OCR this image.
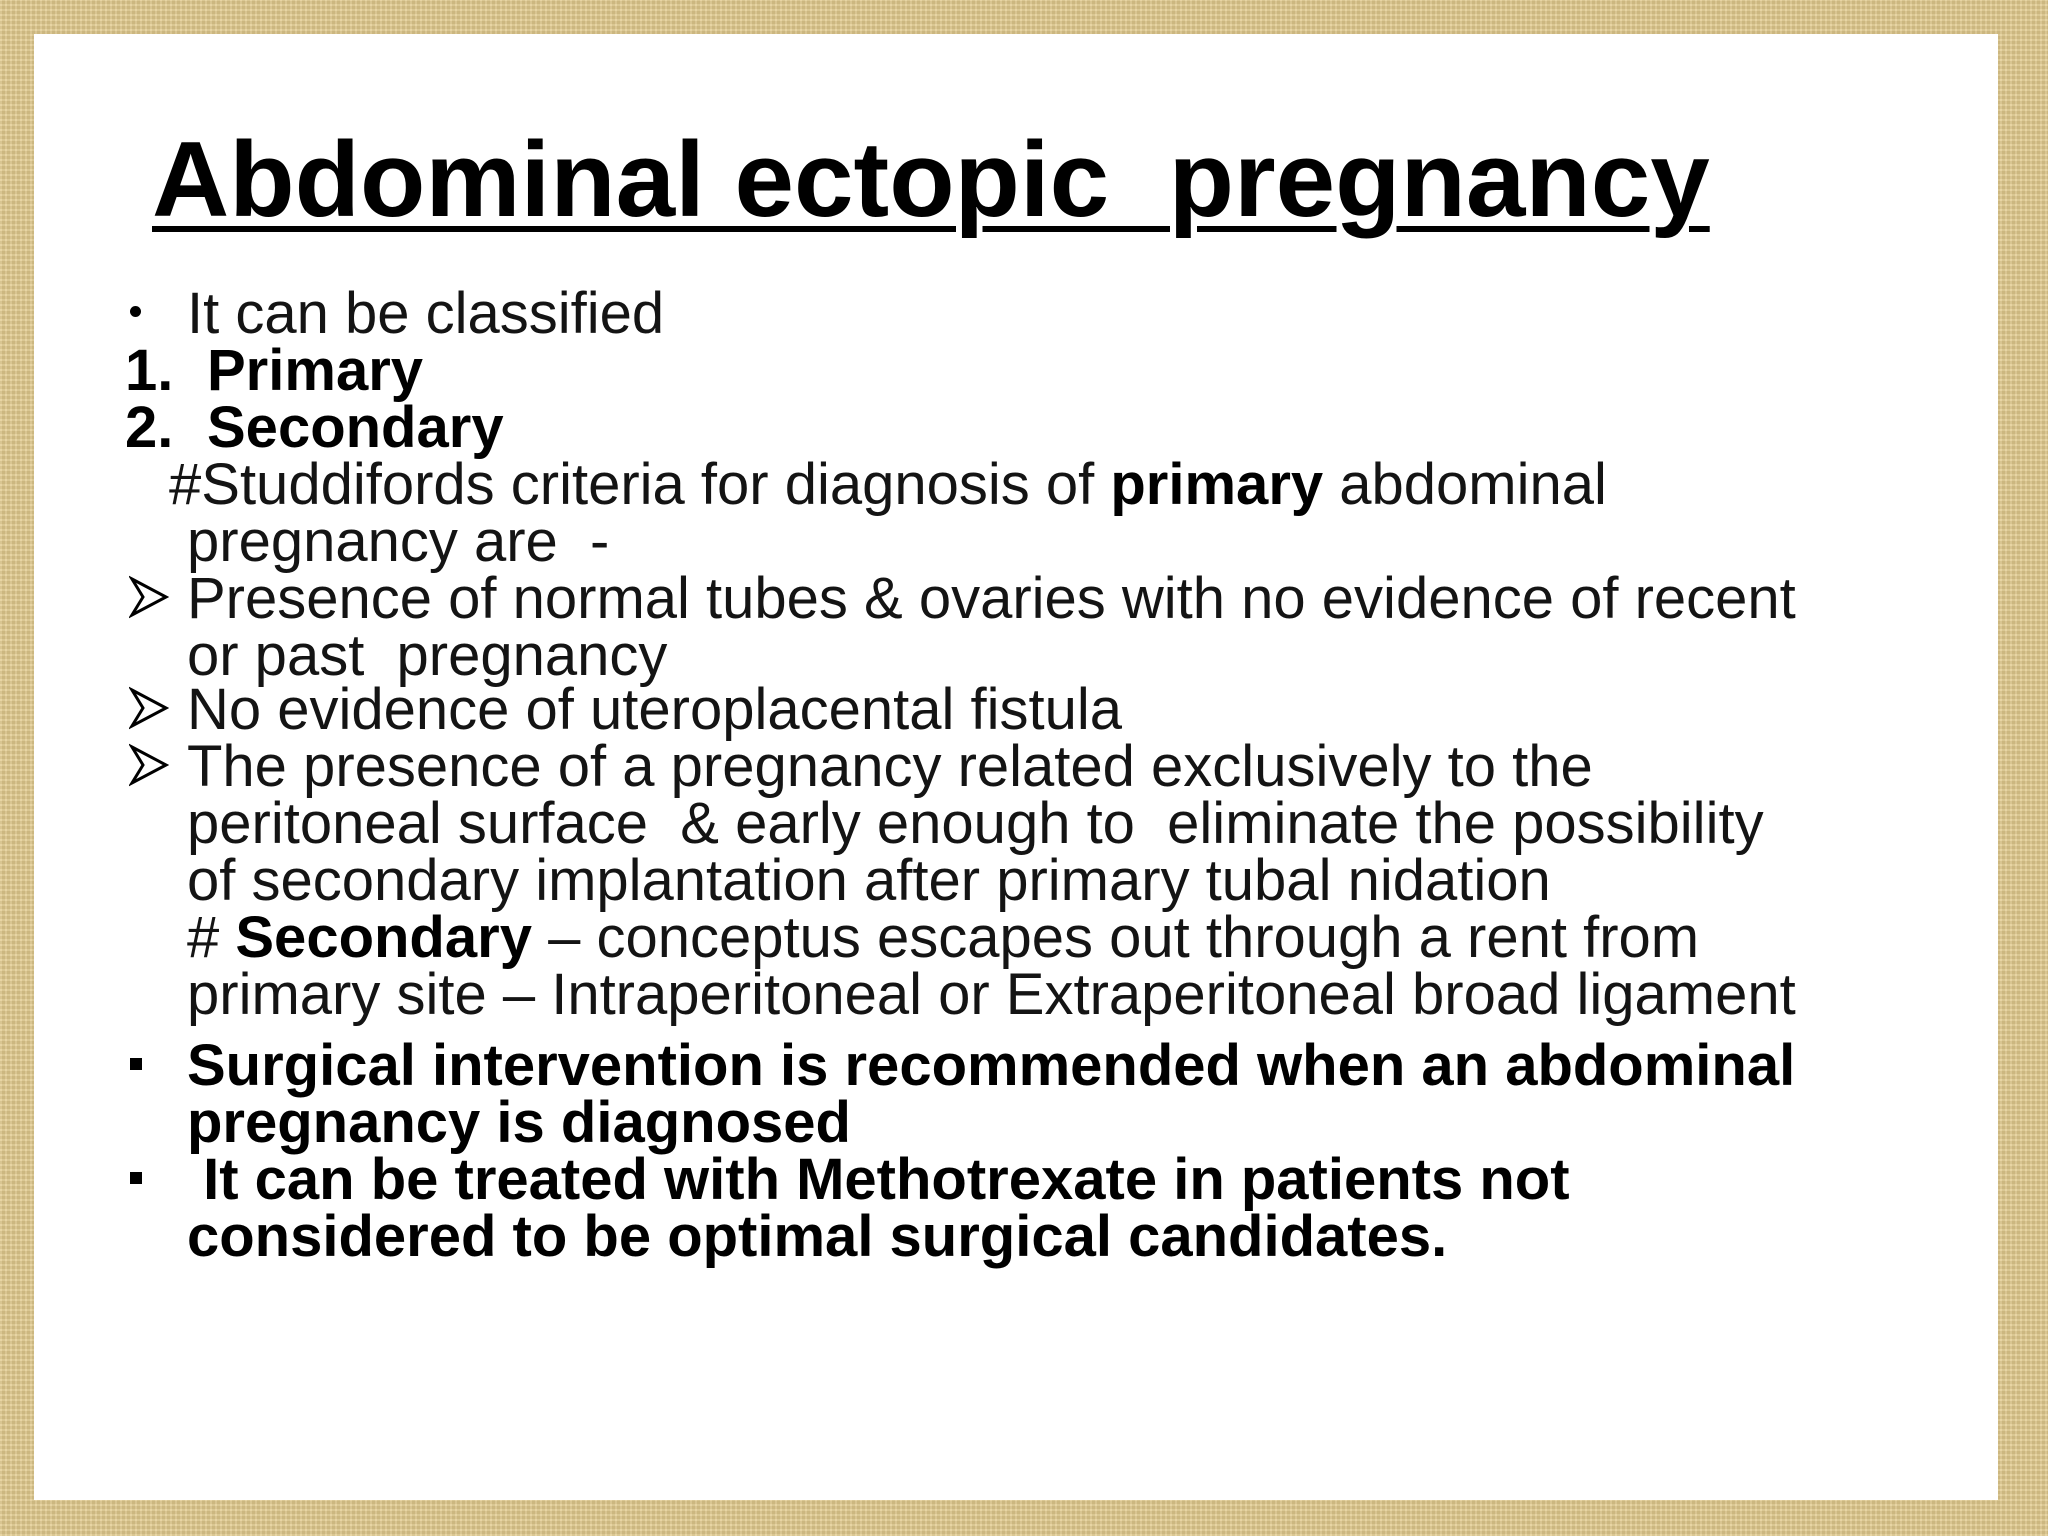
Abdominal ectopic  pregnancy
It can be classified
1. Primary
2. Secondary
#Studdifords criteria for diagnosis of primary abdominal
pregnancy are  -
Presence of normal tubes & ovaries with no evidence of recent
or past  pregnancy
No evidence of uteroplacental fistula
The presence of a pregnancy related exclusively to the
peritoneal surface  & early enough to  eliminate the possibility
of secondary implantation after primary tubal nidation
# Secondary – conceptus escapes out through a rent from
primary site – Intraperitoneal or Extraperitoneal broad ligament
Surgical intervention is recommended when an abdominal
pregnancy is diagnosed
It can be treated with Methotrexate in patients not
considered to be optimal surgical candidates.
